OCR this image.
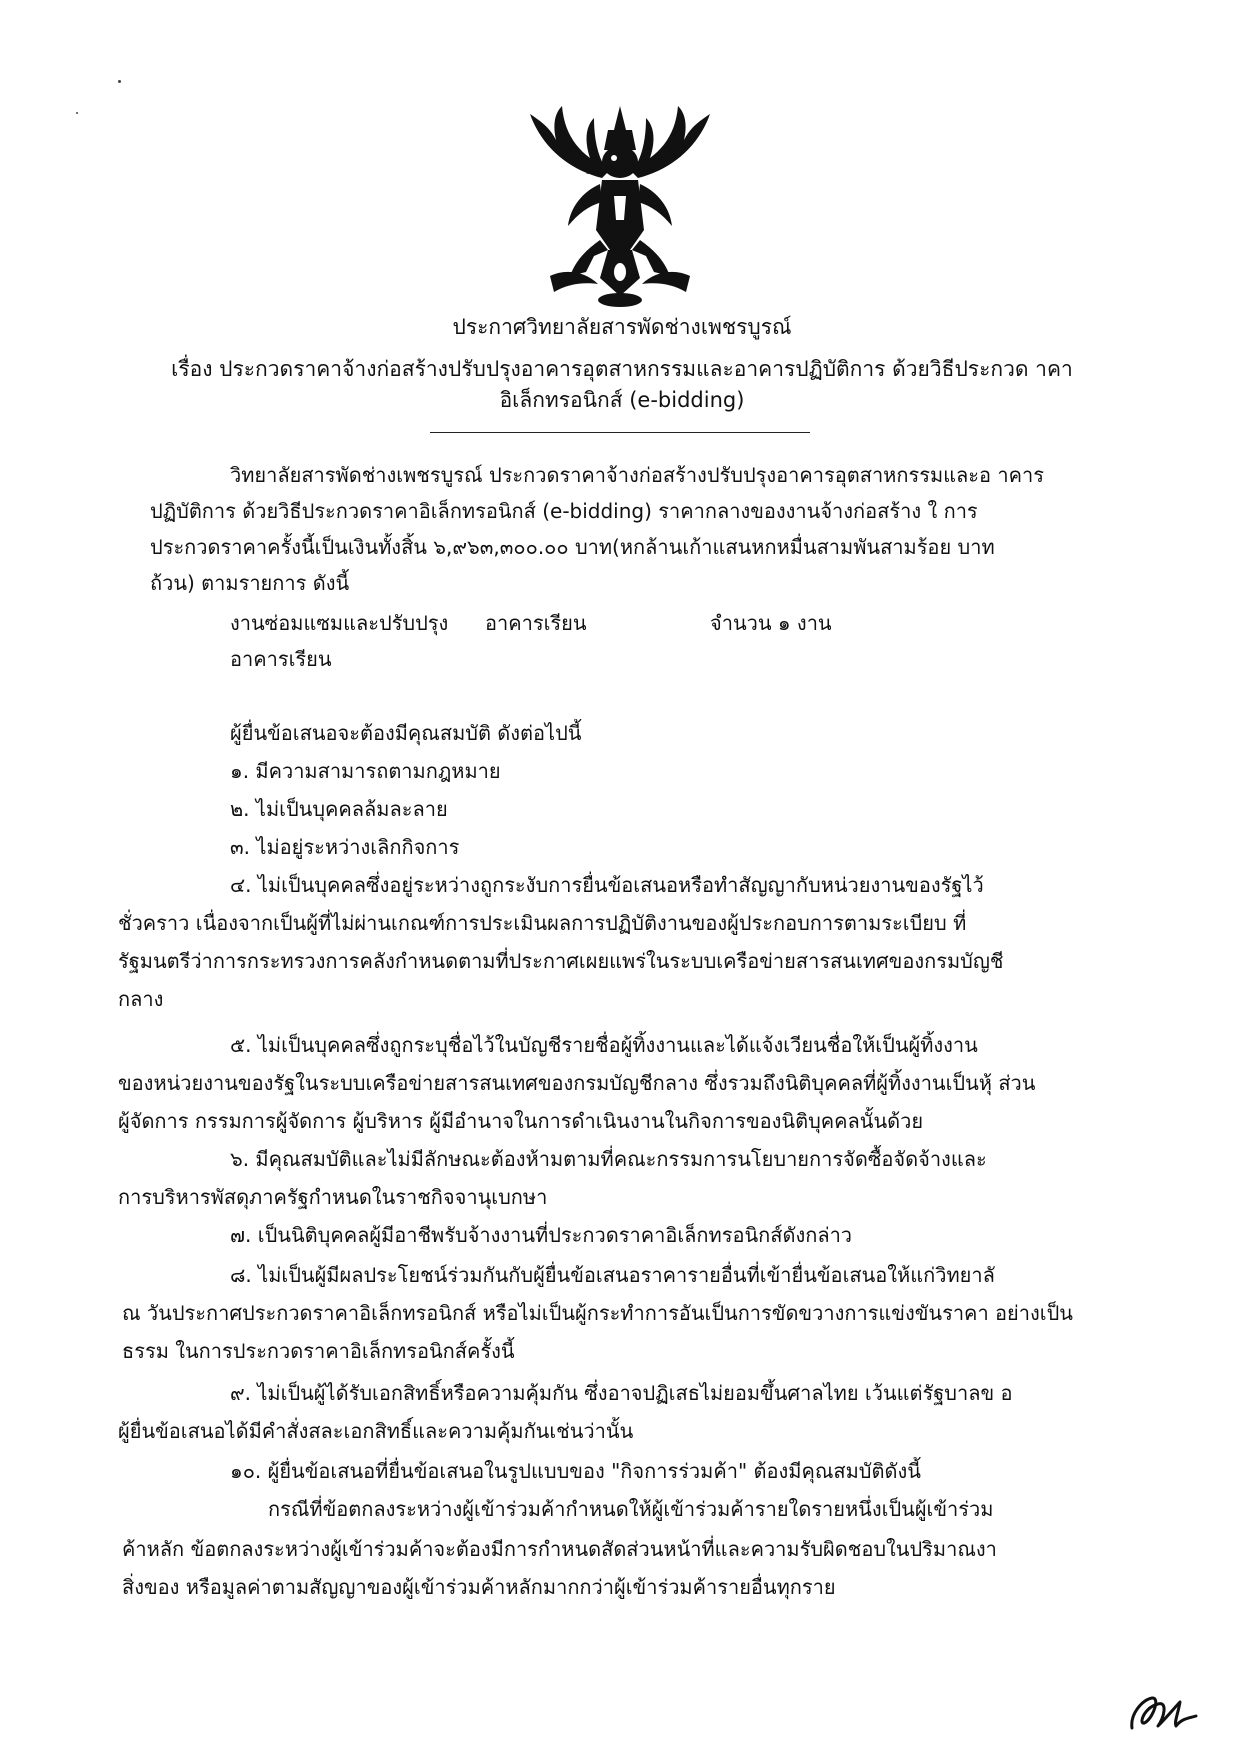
ประกาศวิทยาลัยสารพัดช่างเพชรบูรณ์
เรื่อง ประกวดราคาจ้างก่อสร้างปรับปรุงอาคารอุตสาหกรรมและอาคารปฏิบัติการ ด้วยวิธีประกวด าคา
อิเล็กทรอนิกส์ (e-bidding)
วิทยาลัยสารพัดช่างเพชรบูรณ์ ประกวดราคาจ้างก่อสร้างปรับปรุงอาคารอุตสาหกรรมและอ าคาร
ปฏิบัติการ ด้วยวิธีประกวดราคาอิเล็กทรอนิกส์ (e-bidding) ราคากลางของงานจ้างก่อสร้าง ใ การ
ประกวดราคาครั้งนี้เป็นเงินทั้งสิ้น ๖,๙๖๓,๓๐๐.๐๐ บาท(หกล้านเก้าแสนหกหมื่นสามพันสามร้อย บาท
ถ้วน) ตามรายการ ดังนี้
งานซ่อมแซมและปรับปรุง อาคารเรียน	จำนวน ๑ งาน
อาคารเรียน
ผู้ยื่นข้อเสนอจะต้องมีคุณสมบัติ ดังต่อไปนี้
๑. มีความสามารถตามกฎหมาย
๒. ไม่เป็นบุคคลล้มละลาย
๓. ไม่อยู่ระหว่างเลิกกิจการ
๔. ไม่เป็นบุคคลซึ่งอยู่ระหว่างถูกระงับการยื่นข้อเสนอหรือทำสัญญากับหน่วยงานของรัฐไว้
ชั่วคราว เนื่องจากเป็นผู้ที่ไม่ผ่านเกณฑ์การประเมินผลการปฏิบัติงานของผู้ประกอบการตามระเบียบ ที่
รัฐมนตรีว่าการกระทรวงการคลังกำหนดตามที่ประกาศเผยแพร่ในระบบเครือข่ายสารสนเทศของกรมบัญชี
กลาง
๕. ไม่เป็นบุคคลซึ่งถูกระบุชื่อไว้ในบัญชีรายชื่อผู้ทิ้งงานและได้แจ้งเวียนชื่อให้เป็นผู้ทิ้งงาน
ของหน่วยงานของรัฐในระบบเครือข่ายสารสนเทศของกรมบัญชีกลาง ซึ่งรวมถึงนิติบุคคลที่ผู้ทิ้งงานเป็นหุ้ ส่วน
ผู้จัดการ กรรมการผู้จัดการ ผู้บริหาร ผู้มีอำนาจในการดำเนินงานในกิจการของนิติบุคคลนั้นด้วย
๖. มีคุณสมบัติและไม่มีลักษณะต้องห้ามตามที่คณะกรรมการนโยบายการจัดซื้อจัดจ้างและ
การบริหารพัสดุภาครัฐกำหนดในราชกิจจานุเบกษา
๗. เป็นนิติบุคคลผู้มีอาชีพรับจ้างงานที่ประกวดราคาอิเล็กทรอนิกส์ดังกล่าว
๘. ไม่เป็นผู้มีผลประโยชน์ร่วมกันกับผู้ยื่นข้อเสนอราคารายอื่นที่เข้ายื่นข้อเสนอให้แก่วิทยาลั
ณ วันประกาศประกวดราคาอิเล็กทรอนิกส์ หรือไม่เป็นผู้กระทำการอันเป็นการขัดขวางการแข่งขันราคา อย่างเป็น
ธรรม ในการประกวดราคาอิเล็กทรอนิกส์ครั้งนี้
๙. ไม่เป็นผู้ได้รับเอกสิทธิ์หรือความคุ้มกัน ซึ่งอาจปฏิเสธไม่ยอมขึ้นศาลไทย เว้นแต่รัฐบาลข อ
ผู้ยื่นข้อเสนอได้มีคำสั่งสละเอกสิทธิ์และความคุ้มกันเช่นว่านั้น
๑๐. ผู้ยื่นข้อเสนอที่ยื่นข้อเสนอในรูปแบบของ "กิจการร่วมค้า" ต้องมีคุณสมบัติดังนี้
กรณีที่ข้อตกลงระหว่างผู้เข้าร่วมค้ากำหนดให้ผู้เข้าร่วมค้ารายใดรายหนึ่งเป็นผู้เข้าร่วม
ค้าหลัก ข้อตกลงระหว่างผู้เข้าร่วมค้าจะต้องมีการกำหนดสัดส่วนหน้าที่และความรับผิดชอบในปริมาณงา
สิ่งของ หรือมูลค่าตามสัญญาของผู้เข้าร่วมค้าหลักมากกว่าผู้เข้าร่วมค้ารายอื่นทุกราย
